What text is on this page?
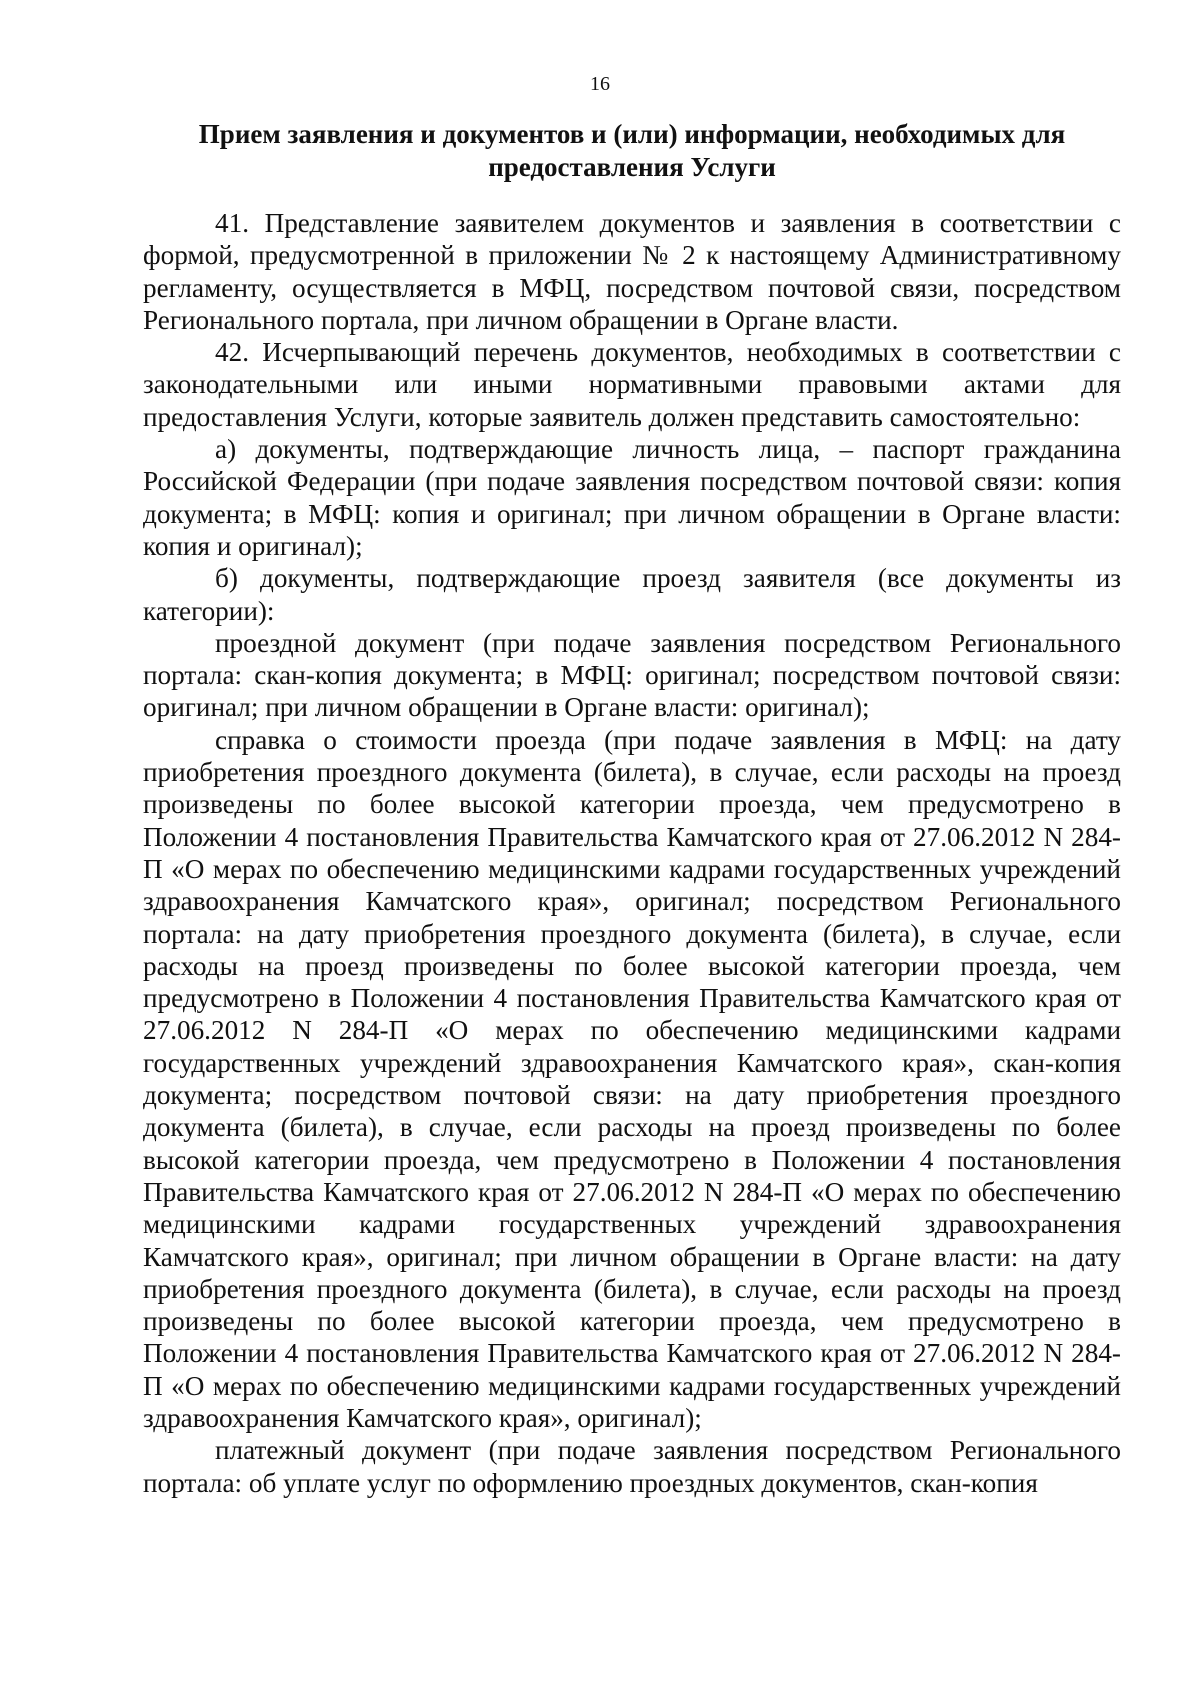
16
Прием заявления и документов и (или) информации, необходимых для предоставления Услуги

41. Представление заявителем документов и заявления в соответствии с формой, предусмотренной в приложении № 2 к настоящему Административному регламенту, осуществляется в МФЦ, посредством почтовой связи, посредством Регионального портала, при личном обращении в Органе власти.

42. Исчерпывающий перечень документов, необходимых в соответствии с законодательными или иными нормативными правовыми актами для предоставления Услуги, которые заявитель должен представить самостоятельно:

а) документы, подтверждающие личность лица, – паспорт гражданина Российской Федерации (при подаче заявления посредством почтовой связи: копия документа; в МФЦ: копия и оригинал; при личном обращении в Органе власти: копия и оригинал);

б) документы, подтверждающие проезд заявителя (все документы из категории):

проездной документ (при подаче заявления посредством Регионального портала: скан-копия документа; в МФЦ: оригинал; посредством почтовой связи: оригинал; при личном обращении в Органе власти: оригинал);

справка о стоимости проезда (при подаче заявления в МФЦ: на дату приобретения проездного документа (билета), в случае, если расходы на проезд произведены по более высокой категории проезда, чем предусмотрено в Положении 4 постановления Правительства Камчатского края от 27.06.2012 N 284-П «О мерах по обеспечению медицинскими кадрами государственных учреждений здравоохранения Камчатского края», оригинал; посредством Регионального портала: на дату приобретения проездного документа (билета), в случае, если расходы на проезд произведены по более высокой категории проезда, чем предусмотрено в Положении 4 постановления Правительства Камчатского края от 27.06.2012 N 284-П «О мерах по обеспечению медицинскими кадрами государственных учреждений здравоохранения Камчатского края», скан-копия документа; посредством почтовой связи: на дату приобретения проездного документа (билета), в случае, если расходы на проезд произведены по более высокой категории проезда, чем предусмотрено в Положении 4 постановления Правительства Камчатского края от 27.06.2012 N 284-П «О мерах по обеспечению медицинскими кадрами государственных учреждений здравоохранения Камчатского края», оригинал; при личном обращении в Органе власти: на дату приобретения проездного документа (билета), в случае, если расходы на проезд произведены по более высокой категории проезда, чем предусмотрено в Положении 4 постановления Правительства Камчатского края от 27.06.2012 N 284-П «О мерах по обеспечению медицинскими кадрами государственных учреждений здравоохранения Камчатского края», оригинал);

платежный документ (при подаче заявления посредством Регионального портала: об уплате услуг по оформлению проездных документов, скан-копия
